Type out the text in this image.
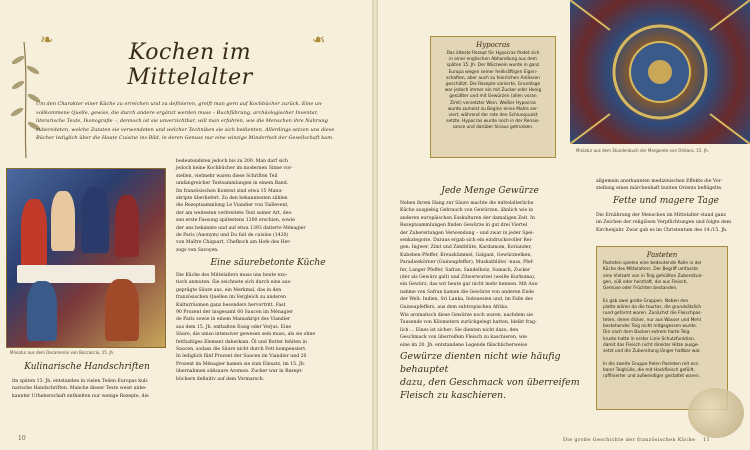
❧	❧
Kochen im Mittelalter
Um den Charakter einer Küche zu erreichen und zu definieren, greift man gern auf Kochbücher zurück. Eine un-
vollkommene Quelle, gewiss, die durch andere ergänzt werden muss – Buchführung, archäologischer Inventar,
literarische Texte, Ikonografie –, dennoch ist sie unverzichtbar, will man erfahren, wie die Menschen ihre Nahrung
zubereiteten, welche Zutaten sie verwendeten und welcher Techniken sie sich bedienten. Allerdings setzen uns diese
Bücher lediglich über die Haute Cuisine ins Bild, in deren Genuss nur eine winzige Minderheit der Gesellschaft kam.
Miniatur aus dem Decameron von Boccaccio, 15. Jh.
Kulinarische Handschriften
Im späten 13. Jh. entstanden in vielen Teilen Europas kuli-
narische Handschriften. Manche dieser Texte weist unbe-
kannter Urheberschaft enthielten nur wenige Rezepte, die
bedeutendsten jedoch bis zu 200. Man darf sich
jedoch keine Kochbücher im modernen Sinne vor-
stellen, vielmehr waren diese Schriften Teil
umfangreicher Textsammlungen in einem Band.
Im französischen Kontext sind etwa 15 Manu-
skripte überliefert. Zu den bekanntesten zählen
die Rezeptsammlung Le Viandier von Taillevent,
der am weitesten verbreitete Text seiner Art, des-
sen erste Fassung spätestens 1300 erschien, sowie
der uns bekannte und auf etwa 1393 datierte Ménagier
de Paris (Anonym) und Du fait de cuisine (1420)
von Maître Chiquart, Chefkoch am Hofe des Her-
zogs von Savoyen.
Eine säurebetonte Küche
Die Küche des Mittelalters muss uns heute exo-
tisch anmuten. Sie zeichnete sich durch eine aus-
geprägte Säure aus, ein Merkmal, das in den
französischen Quellen im Vergleich zu anderen
Kulturräumen ganz besonders hervortritt. Fast
90 Prozent der insgesamt 60 Saucen im Ménagier
de Paris sowie in einem Manuskript des Viandier
aus dem 15. Jh. enthalten Essig oder Verjus. Eine
Säure, die umso intensiver gewesen sein muss, als sie ohne
fetthaltiges Element daherkam. Öl und Butter fehlten in
Saucen, sodass die Säure nicht durch Fett kompensiert.
In lediglich fünf Prozent der Saucen im Viandier und 20
Prozent im Ménagier kamen sie zum Einsatz, im 15. Jh.
übernahmen süßsaure Aromen. Zucker war in Rezept-
büchern definitiv auf dem Vormarsch.
10
Hypocras
Das älteste Rezept für Hypocras findet sich
in einer englischen Abhandlung aus dem
späten 15. Jh. Der Würzwein wurde in ganz
Europa wegen seiner heilkräftigen Eigen-
schaften, aber auch zu feierlichen Anlässen
geschätzt. Die Rezepte variierte, Grundlage
war jedoch immer ein mit Zucker oder Honig
gesüßter und mit Gewürzen (allen voran
Zimt) versetzter Wein. Weißer Hypocras
wurde zumeist zu Beginn eines Mahls ser-
viert, während der rote den Schlusspunkt
setzte. Hypocras wurde noch in der Renais-
sance und darüber hinaus getrunken.
Miniatur aus dem Stundenbuch der Margarete von Orléans, 15. Jh.
Jede Menge Gewürze
Neben ihrem Hang zur Säure machte die mittelalterliche
Küche ausgiebig Gebrauch von Gewürzen, ähnlich wie in
anderen europäischen Esskulturen der damaligen Zeit. In
Rezeptsammlungen finden Gewürze in gut drei Viertel
der Zubereitungen Verwendung – und zwar in jeder Spei-
senkategorie. Daraus ergab sich ein eindrucksvoller Rei-
gen: Ingwer, Zimt und Zimtblüte, Kardamom, Koriander,
Kubeben-Pfeffer, Kreuzkümmel, Galgant, Gewürznelken,
Paradieskörner (Guineapfeffer), Muskatblüte/ -nuss, Pfef-
fer, Langer Pfeffer, Safran, Sandelholz, Sumach, Zucker
(der als Gewürz galt) und Zitwerwurzel (weiße Kurkuma),
ein Gewürz, das wir heute gar nicht mehr kennen. Mit Aus-
nahme von Safran kamen die Gewürze von anderen Ende
der Welt: Indien, Sri Lanka, Indonesien und, im Falle des
Guineapfeffers, aus dem subtropischen Afrika.
Wie aromatisch diese Gewürze noch waren, nachdem sie
Tausende von Kilometern zurückgelegt hatten, bleibt frag-
lich ... Eines ist sicher: Sie dienten nicht dazu, den
Geschmack von überreifem Fleisch zu kaschieren, wie
eine im 20. Jh. entstandene Legende fälschlicherweise
Gewürze dienten nicht wie häufig behauptet
dazu, den Geschmack von überreifem
Fleisch zu kaschieren.
allgemein anerkannten medizinischen Effekte die Vor-
stellung eines märchenhaft bunten Orients beflügelte.
Fette und magere Tage
Die Ernährung der Menschen im Mittelalter stand ganz
im Zeichen der religiösen Verpflichtungen und folgte dem
Kirchenjahr. Zwar gab es im Christentum des 14./15. Jh.
Pasteten
Pasteten spielen eine bedeutende Rolle in der
Küche des Mittelalters. Der Begriff umfasste
eine Vielzahl von in Teig gehüllten Zubereitun-
gen, süß oder herzhaft, die aus Fleisch,
Gemüse oder Früchten bestanden.

Es gab zwei große Gruppen. Neben den
platte wären da die tourtes, die grundsätzlich
rund geformt waren. Zunächst die Fleischpas-
teten, deren dicker, nur aus Wasser und Mehl
bestehender Teig nicht mitgegessen wurde.
Die nach dem Backen extrem harte Teig-
kruste hatte in erster Linie Schutzfunktion,
damit das Fleisch nicht direkter Hitze ausge-
setzt und die Zubereitung länger haltbar war.

In die zweite Gruppe fielen Pasteten mit ess-
barer Teighülle, die mit Hackfleisch gefüllt,
raffinierter und aufwendiger gestaltet waren.
Die große Geschichte der französischen Küche 11
